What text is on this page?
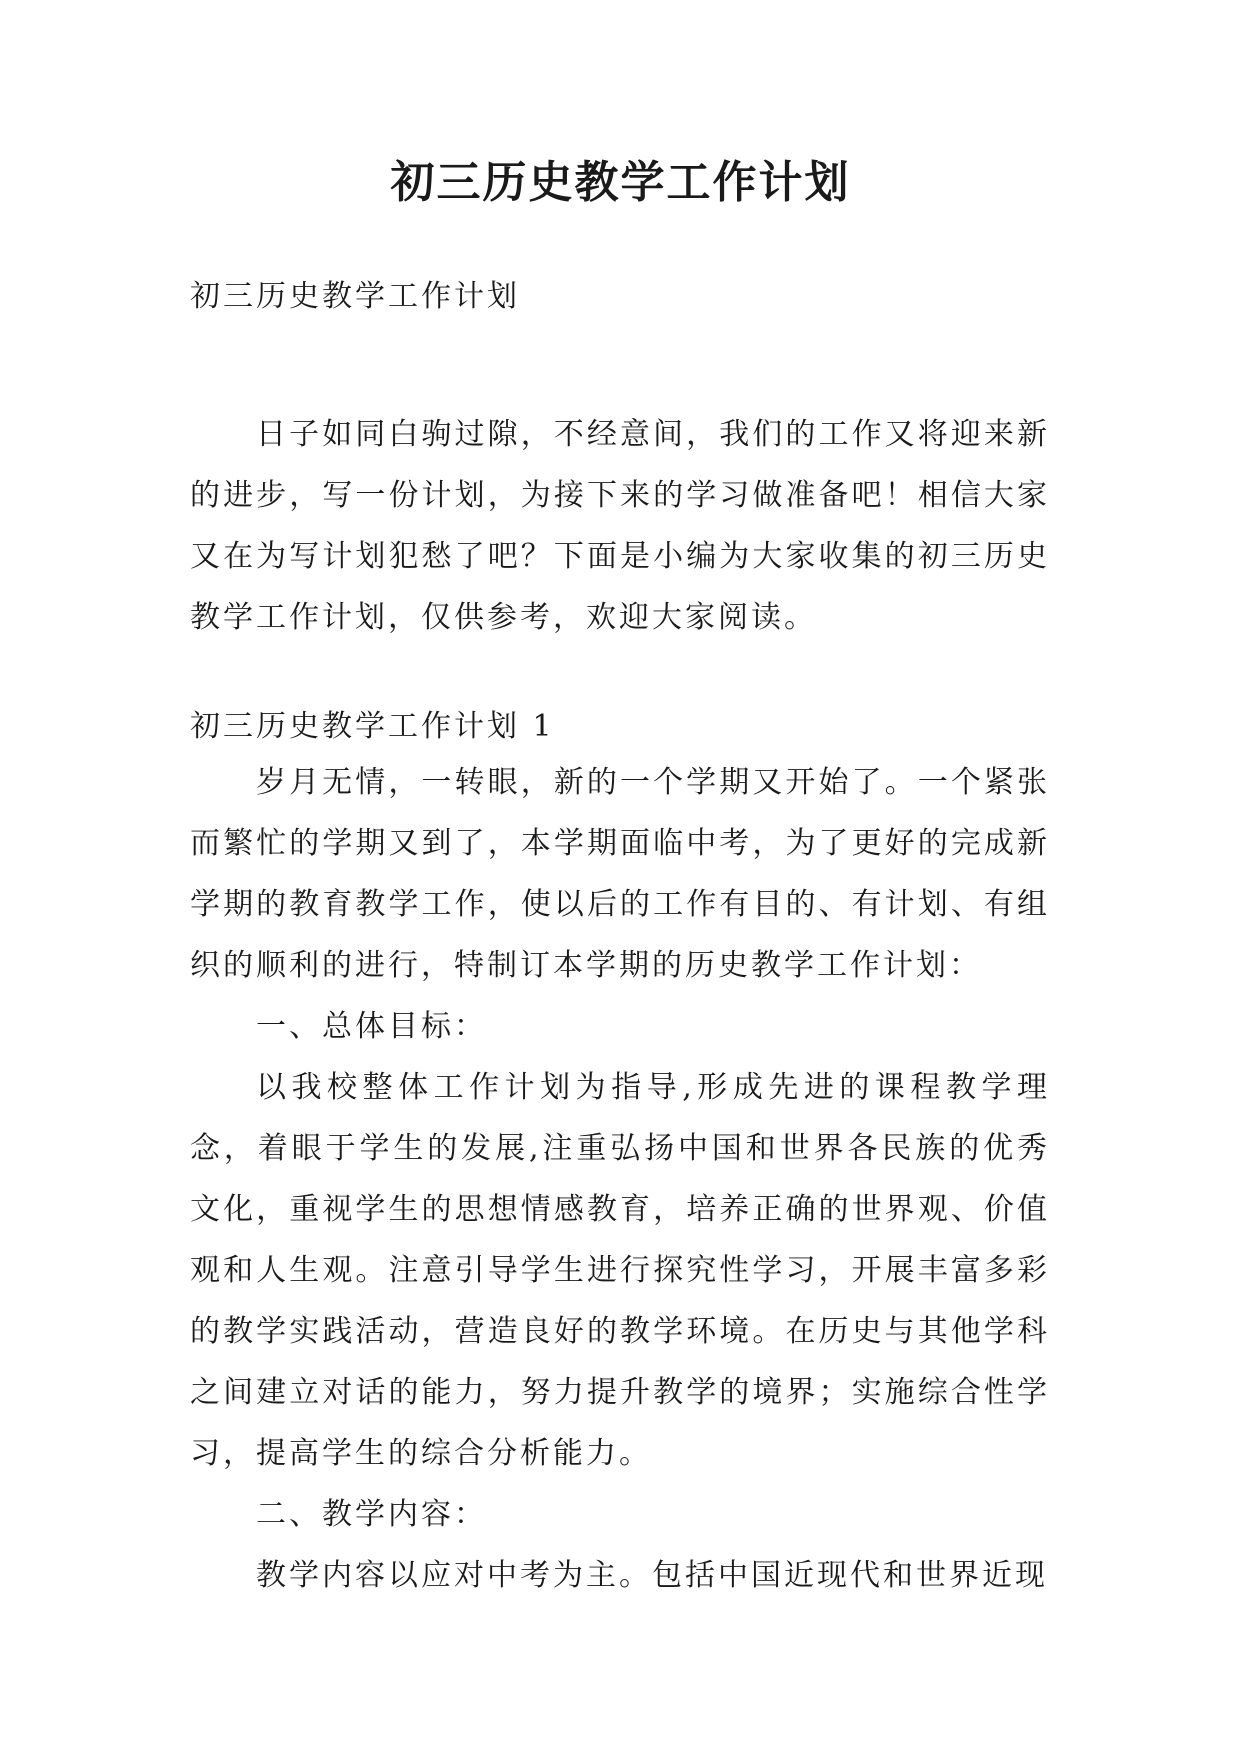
初三历史教学工作计划
初三历史教学工作计划
日子如同白驹过隙，不经意间，我们的工作又将迎来新的进步，写一份计划，为接下来的学习做准备吧！相信大家又在为写计划犯愁了吧？下面是小编为大家收集的初三历史教学工作计划，仅供参考，欢迎大家阅读。
初三历史教学工作计划 1

岁月无情，一转眼，新的一个学期又开始了。一个紧张而繁忙的学期又到了，本学期面临中考，为了更好的完成新学期的教育教学工作，使以后的工作有目的、有计划、有组织的顺利的进行，特制订本学期的历史教学工作计划：

一、总体目标：

以我校整体工作计划为指导,形成先进的课程教学理念，着眼于学生的发展,注重弘扬中国和世界各民族的优秀文化，重视学生的思想情感教育，培养正确的世界观、价值观和人生观。注意引导学生进行探究性学习，开展丰富多彩的教学实践活动，营造良好的教学环境。在历史与其他学科之间建立对话的能力，努力提升教学的境界；实施综合性学习，提高学生的综合分析能力。

二、教学内容：

教学内容以应对中考为主。包括中国近现代和世界近现
